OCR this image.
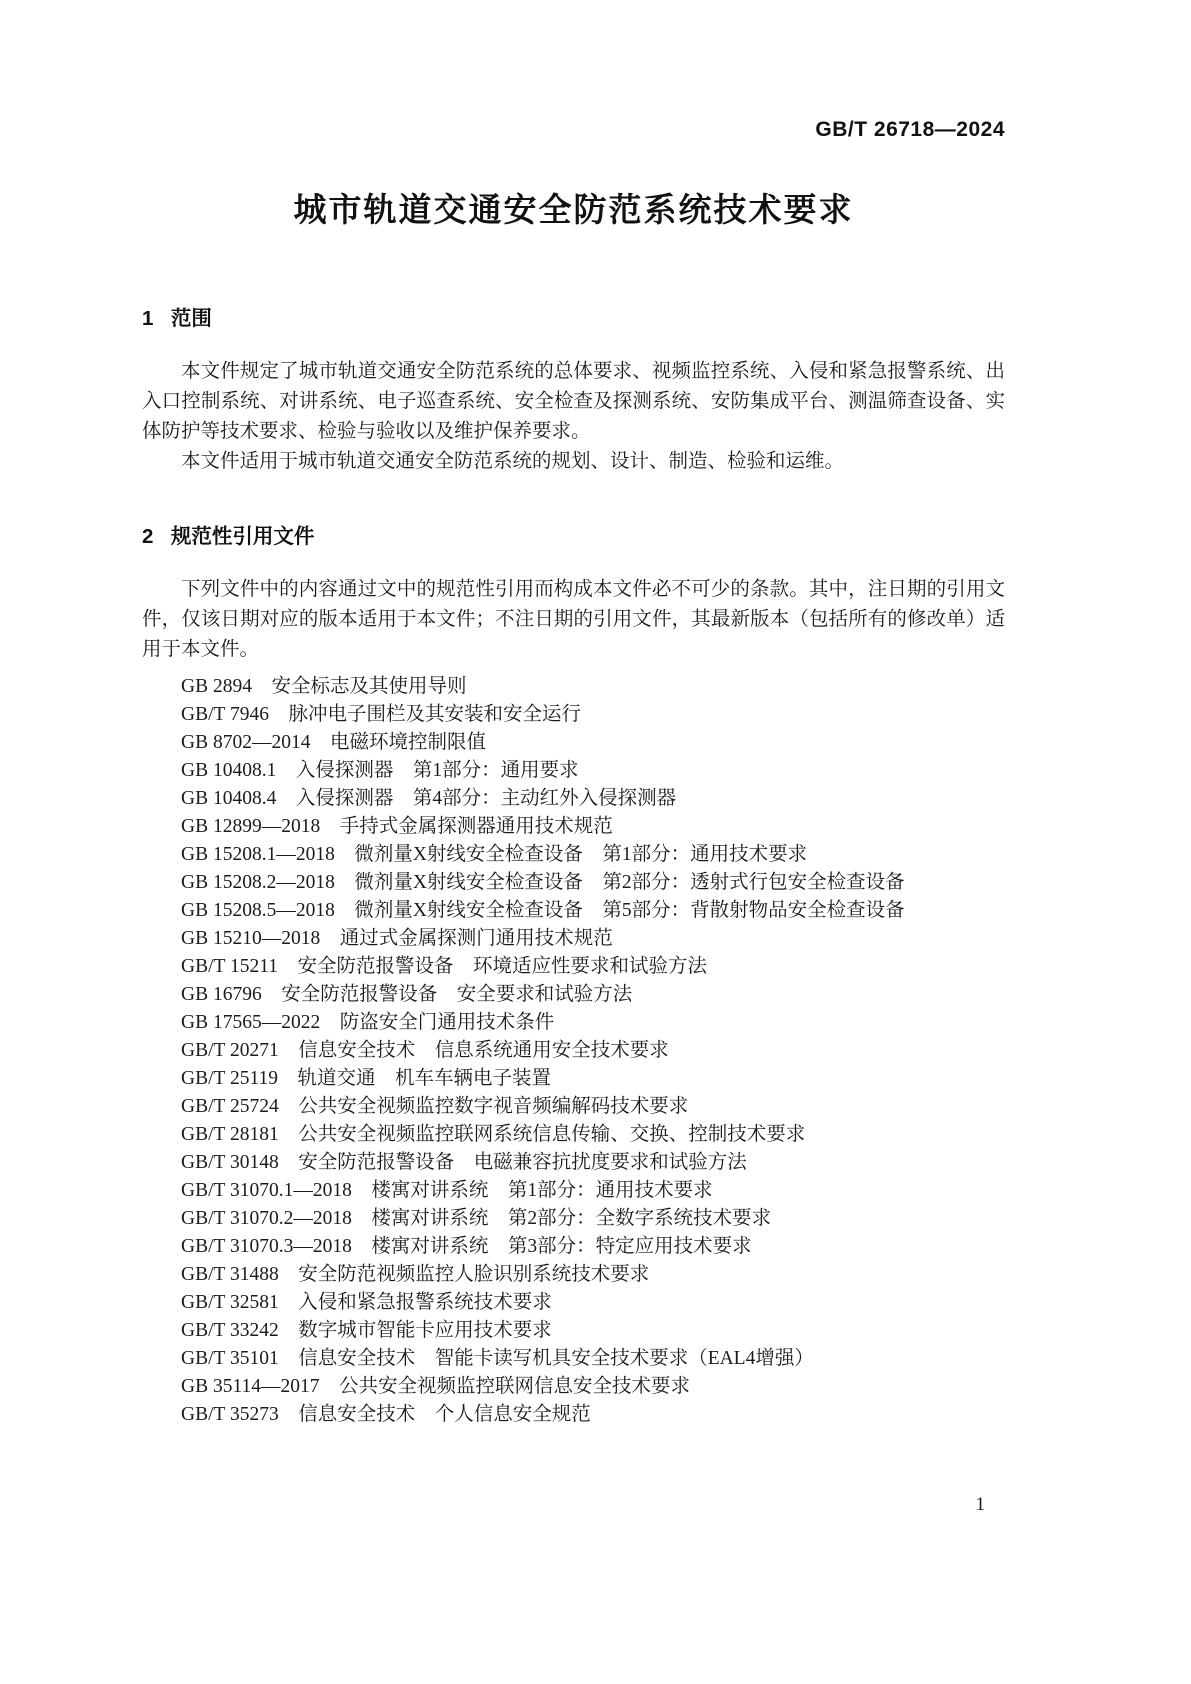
GB/T 26718—2024
城市轨道交通安全防范系统技术要求
1 范围

本文件规定了城市轨道交通安全防范系统的总体要求、视频监控系统、入侵和紧急报警系统、出入口控制系统、对讲系统、电子巡查系统、安全检查及探测系统、安防集成平台、测温筛查设备、实体防护等技术要求、检验与验收以及维护保养要求。

本文件适用于城市轨道交通安全防范系统的规划、设计、制造、检验和运维。

2 规范性引用文件

下列文件中的内容通过文中的规范性引用而构成本文件必不可少的条款。其中，注日期的引用文件，仅该日期对应的版本适用于本文件；不注日期的引用文件，其最新版本（包括所有的修改单）适用于本文件。

GB 2894　安全标志及其使用导则

GB/T 7946　脉冲电子围栏及其安装和安全运行

GB 8702—2014　电磁环境控制限值

GB 10408.1　入侵探测器　第1部分：通用要求

GB 10408.4　入侵探测器　第4部分：主动红外入侵探测器

GB 12899—2018　手持式金属探测器通用技术规范

GB 15208.1—2018　微剂量X射线安全检查设备　第1部分：通用技术要求

GB 15208.2—2018　微剂量X射线安全检查设备　第2部分：透射式行包安全检查设备

GB 15208.5—2018　微剂量X射线安全检查设备　第5部分：背散射物品安全检查设备

GB 15210—2018　通过式金属探测门通用技术规范

GB/T 15211　安全防范报警设备　环境适应性要求和试验方法

GB 16796　安全防范报警设备　安全要求和试验方法

GB 17565—2022　防盗安全门通用技术条件

GB/T 20271　信息安全技术　信息系统通用安全技术要求

GB/T 25119　轨道交通　机车车辆电子装置

GB/T 25724　公共安全视频监控数字视音频编解码技术要求

GB/T 28181　公共安全视频监控联网系统信息传输、交换、控制技术要求

GB/T 30148　安全防范报警设备　电磁兼容抗扰度要求和试验方法

GB/T 31070.1—2018　楼寓对讲系统　第1部分：通用技术要求

GB/T 31070.2—2018　楼寓对讲系统　第2部分：全数字系统技术要求

GB/T 31070.3—2018　楼寓对讲系统　第3部分：特定应用技术要求

GB/T 31488　安全防范视频监控人脸识别系统技术要求

GB/T 32581　入侵和紧急报警系统技术要求

GB/T 33242　数字城市智能卡应用技术要求

GB/T 35101　信息安全技术　智能卡读写机具安全技术要求（EAL4增强）

GB 35114—2017　公共安全视频监控联网信息安全技术要求

GB/T 35273　信息安全技术　个人信息安全规范

1
